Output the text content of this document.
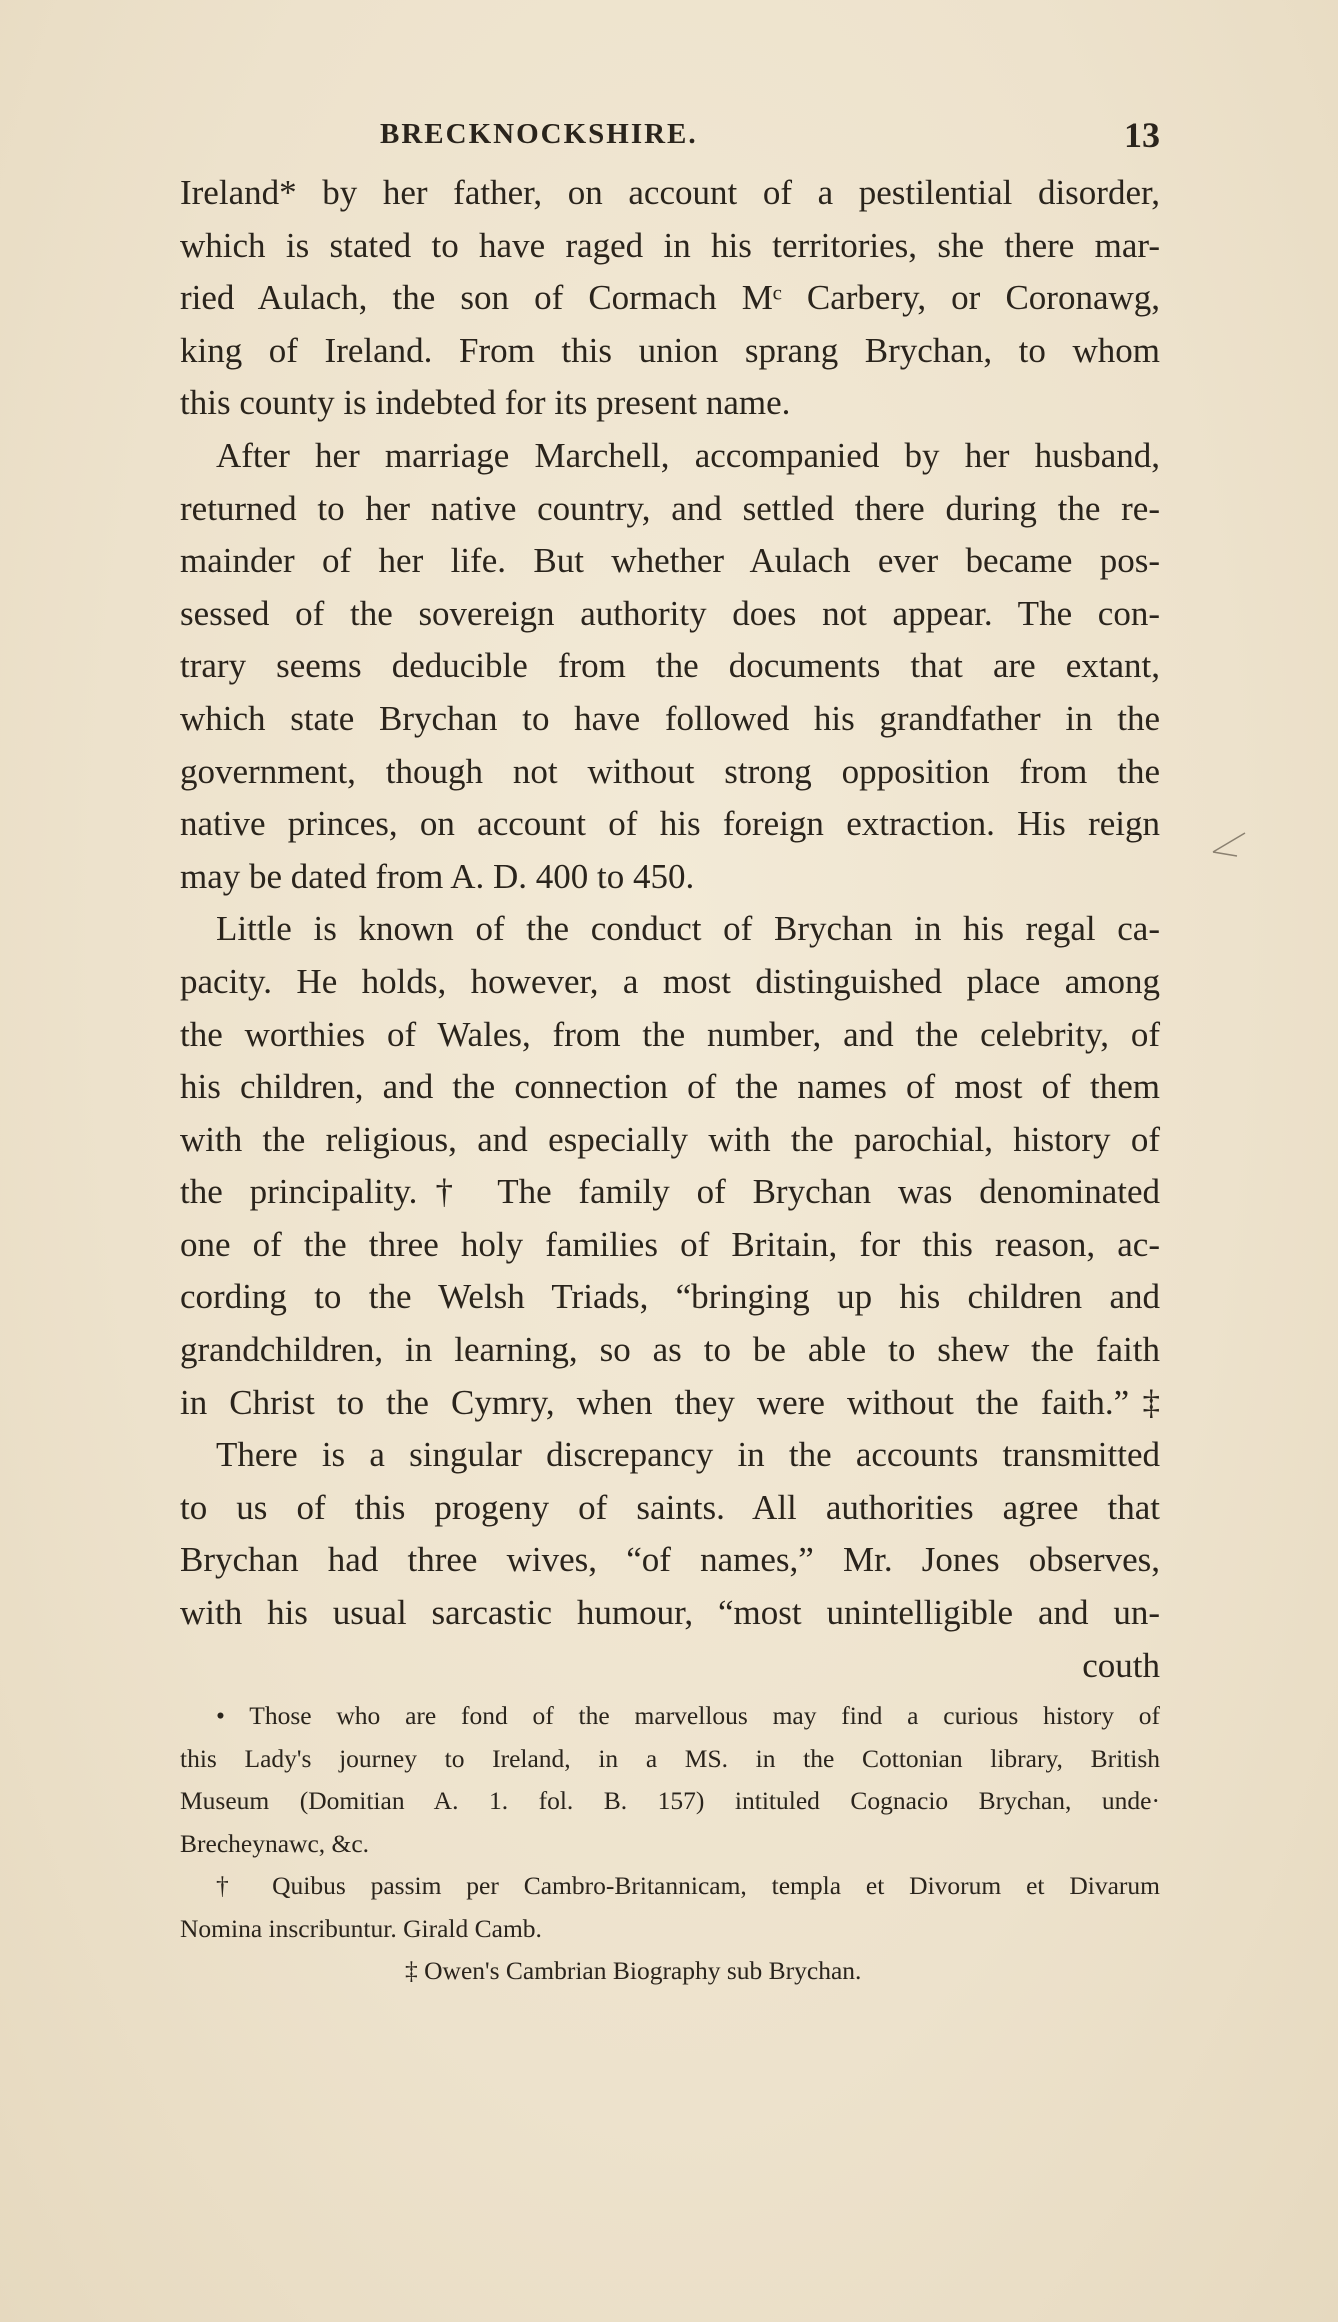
BRECKNOCKSHIRE.	13
Ireland* by her father, on account of a pestilential disorder,
which is stated to have raged in his territories, she there mar-
ried Aulach, the son of Cormach Mᶜ Carbery, or Coronawg,
king of Ireland. From this union sprang Brychan, to whom
this county is indebted for its present name.
After her marriage Marchell, accompanied by her husband,
returned to her native country, and settled there during the re-
mainder of her life. But whether Aulach ever became pos-
sessed of the sovereign authority does not appear. The con-
trary seems deducible from the documents that are extant,
which state Brychan to have followed his grandfather in the
government, though not without strong opposition from the
native princes, on account of his foreign extraction. His reign
may be dated from A. D. 400 to 450.
Little is known of the conduct of Brychan in his regal ca-
pacity. He holds, however, a most distinguished place among
the worthies of Wales, from the number, and the celebrity, of
his children, and the connection of the names of most of them
with the religious, and especially with the parochial, history of
the principality.† The family of Brychan was denominated
one of the three holy families of Britain, for this reason, ac-
cording to the Welsh Triads, “bringing up his children and
grandchildren, in learning, so as to be able to shew the faith
in Christ to the Cymry, when they were without the faith.”‡
There is a singular discrepancy in the accounts transmitted
to us of this progeny of saints. All authorities agree that
Brychan had three wives, “of names,” Mr. Jones observes,
with his usual sarcastic humour, “most unintelligible and un-
couth
• Those who are fond of the marvellous may find a curious history of
this Lady's journey to Ireland, in a MS. in the Cottonian library, British
Museum (Domitian A. 1. fol. B. 157) intituled Cognacio Brychan, unde·
Brecheynawc, &c.
† Quibus passim per Cambro-Britannicam, templa et Divorum et Divarum
Nomina inscribuntur. Girald Camb.
‡ Owen's Cambrian Biography sub Brychan.
